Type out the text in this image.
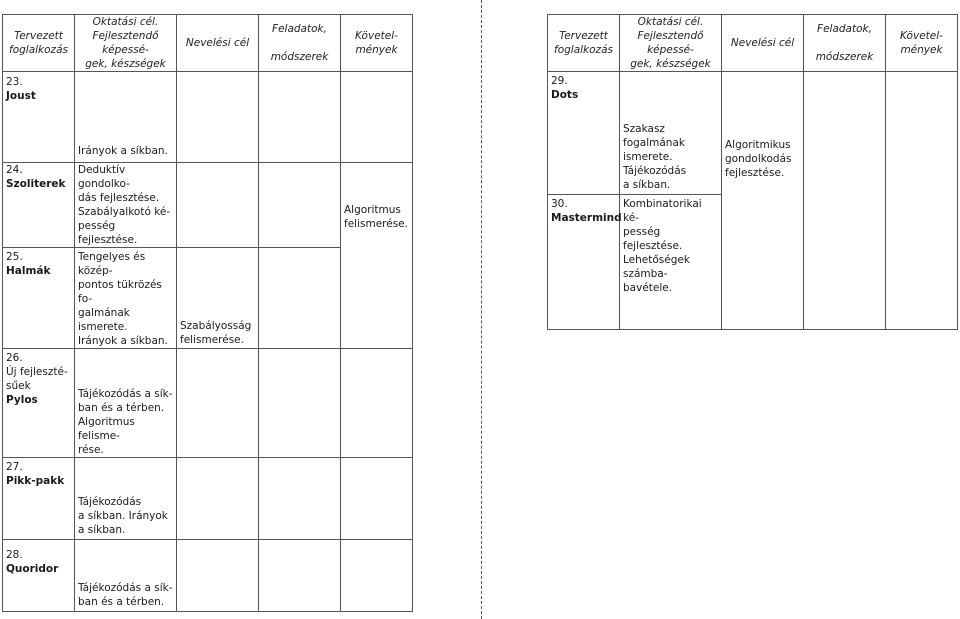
Tervezett
foglalkozás	Oktatási cél.
Fejlesztendő képessé-
gek, készségek	Nevelési cél	Feladatok,

módszerek	Követel-
mények

23.
Joust	Irányok a síkban.			

24.
Szoliterek	Deduktív gondolko-
dás fejlesztése.
Szabályalkotó ké-
pesség fejlesztése.			Algoritmus
felismerése.

25.
Halmák	Tengelyes és közép-
pontos tükrözés fo-
galmának ismerete.
Irányok a síkban.	Szabályosság
felismerése.		

26.
Új fejleszté-
sűek
Pylos	Tájékozódás a sík-
ban és a térben.
Algoritmus felisme-
rése.			

27.
Pikk-pakk	Tájékozódás
a síkban. Irányok
a síkban.			

28.
Quoridor	Tájékozódás a sík-
ban és a térben.			
Tervezett
foglalkozás	Oktatási cél.
Fejlesztendő képessé-
gek, készségek	Nevelési cél	Feladatok,

módszerek	Követel-
mények

29.
Dots	Szakasz fogalmának
ismerete.
Tájékozódás
a síkban.	Algoritmikus
gondolkodás
fejlesztése.		

30.
Mastermind	Kombinatorikai ké-
pesség fejlesztése.
Lehetőségek számba-
bavétele.			
